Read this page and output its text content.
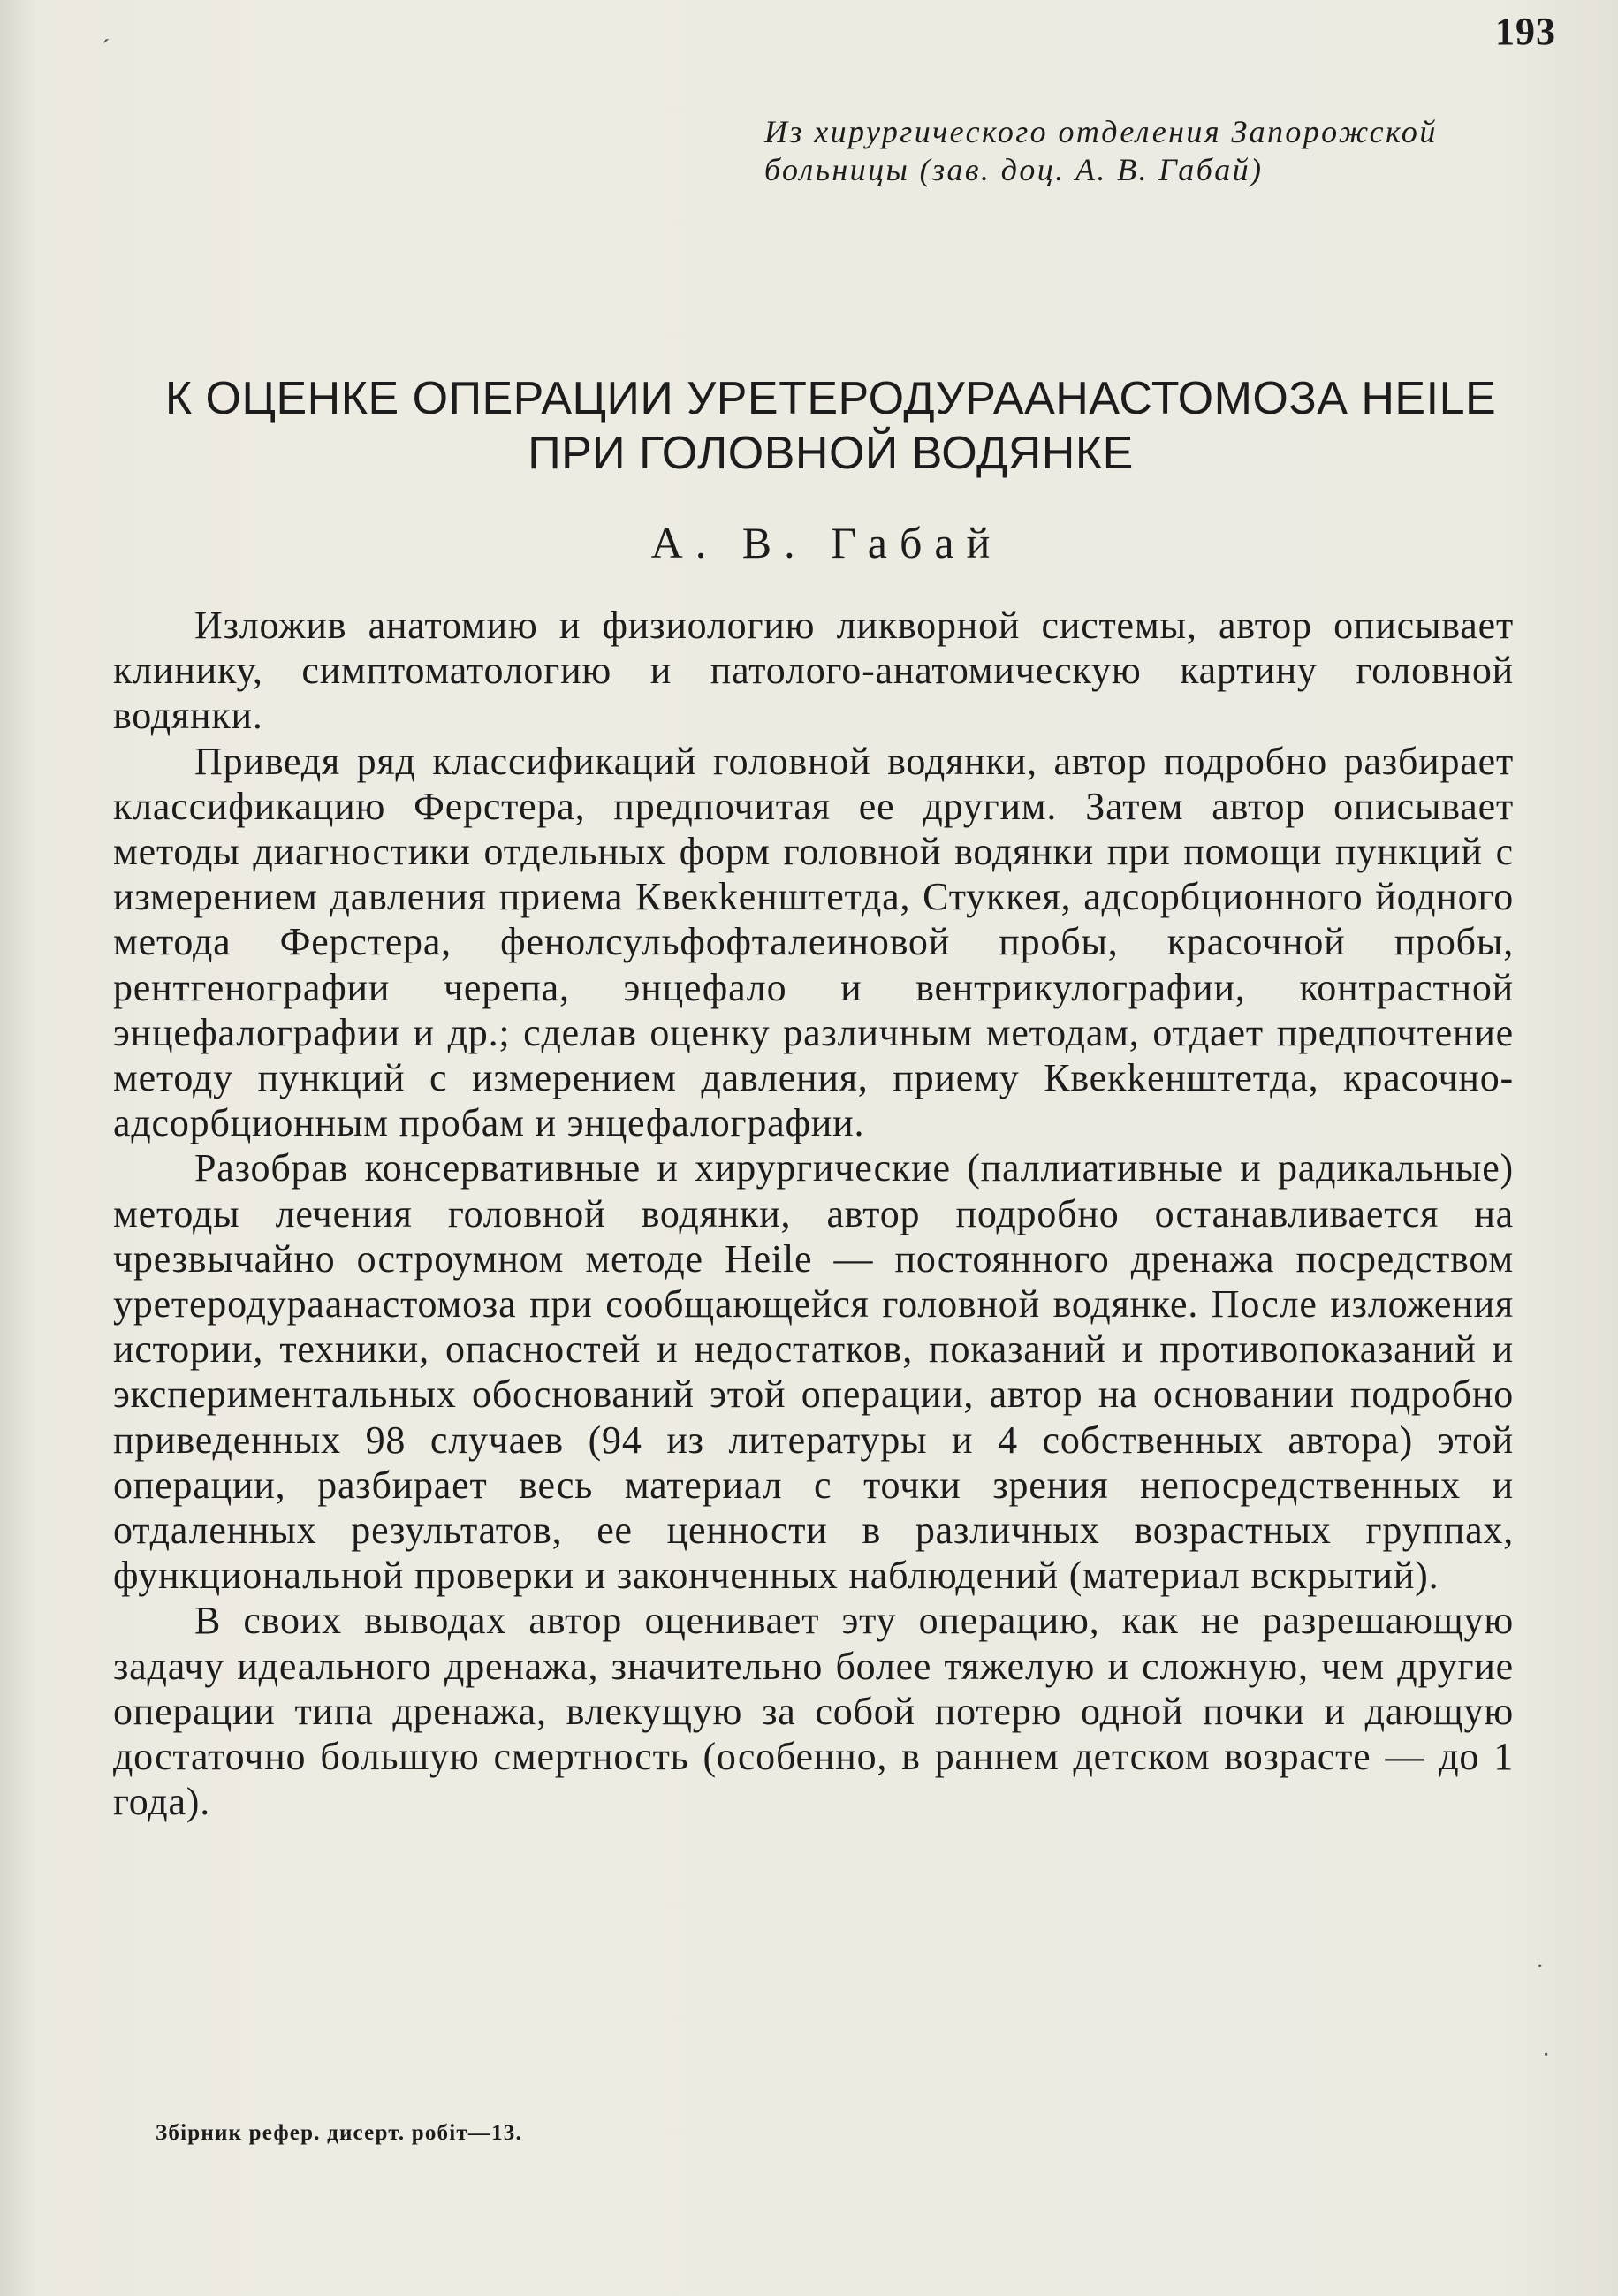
193
Из хирургического отделения Запорожской больницы (зав. доц. А. В. Габай)
К ОЦЕНКЕ ОПЕРАЦИИ УРЕТЕРОДУРААНАСТОМОЗА HEILE
ПРИ ГОЛОВНОЙ ВОДЯНКЕ
А. В. Габай

Изложив анатомию и физиологию ликворной системы, автор описывает клинику, симптоматологию и патолого-анатомическую картину головной водянки.

Приведя ряд классификаций головной водянки, автор подробно разбирает классификацию Ферстера, предпочитая ее другим. Затем автор описывает методы диагностики отдельных форм головной водянки при помощи пункций с измерением давления приема Квекkенштетда, Стуккея, адсорбционного йодного метода Ферстера, фенолсульфофталеиновой пробы, красочной пробы, рентгенографии черепа, энцефало и вентрикулографии, контрастной энцефалографии и др.; сделав оценку различным методам, отдает предпочтение методу пункций с измерением давления, приему Квекkенштетда, красочно-адсорбционным пробам и энцефалографии.

Разобрав консервативные и хирургические (паллиативные и радикальные) методы лечения головной водянки, автор подробно останавливается на чрезвычайно остроумном методе Heile — постоянного дренажа посредством уретеродурaанастомоза при сообщающейся головной водянке. После изложения истории, техники, опасностей и недостатков, показаний и противопоказаний и экспериментальных обоснований этой операции, автор на основании подробно приведенных 98 случаев (94 из литературы и 4 собственных автора) этой операции, разбирает весь материал с точки зрения непосредственных и отдаленных результатов, ее ценности в различных возрастных группах, функциональной проверки и законченных наблюдений (материал вскрытий).

В своих выводах автор оценивает эту операцию, как не разрешающую задачу идеального дренажа, значительно более тяжелую и сложную, чем другие операции типа дренажа, влекущую за собой потерю одной почки и дающую достаточно большую смертность (особенно, в раннем детском возрасте — до 1 года).

Збірник рефер. дисерт. робіт—13.
´
·
·
